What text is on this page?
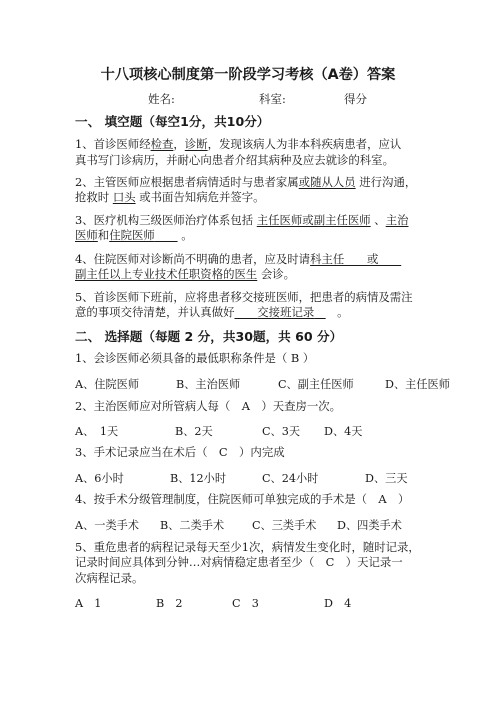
十八项核心制度第一阶段学习考核（A卷）答案
姓名:	科室:	得分
一、 填空题（每空1分，共10分）
1、首诊医师经检查，诊断，发现该病人为非本科疾病患者，应认
真书写门诊病历，并耐心向患者介绍其病种及应去就诊的科室。
2、主管医师应根据患者病情适时与患者家属或随从人员 进行沟通，
抢救时 口头 或书面告知病危并签字。
3、医疗机构三级医师治疗体系包括 主任医师或副主任医师 、主治
医师和住院医师　　 。
4、住院医师对诊断尚不明确的患者，应及时请科主任　　或　　
副主任以上专业技术任职资格的医生 会诊。
5、首诊医师下班前，应将患者移交接班医师，把患者的病情及需注
意的事项交待清楚，并认真做好　　 交接班记录　　 。
二、 选择题（每题 2 分，共30题，共 60 分）
1、会诊医师必须具备的最低职称条件是（ B ）
A、住院医师	B、主治医师	C、副主任医师	D、主任医师
2、主治医师应对所管病人每（　A　）天查房一次。
A、　1天	B、2天	C、3天 D、4天
3、手术记录应当在术后（　C　）内完成
A、6小时	B、12小时	C、24小时	D、三天
4、按手术分级管理制度，住院医师可单独完成的手术是（　A　）
A、一类手术 B、二类手术 C、三类手术 D、四类手术
5、重危患者的病程记录每天至少1次，病情发生变化时，随时记录，
记录时间应具体到分钟…对病情稳定患者至少（　C　）天记录一
次病程记录。
A　1	B　2	C　3	D　4
